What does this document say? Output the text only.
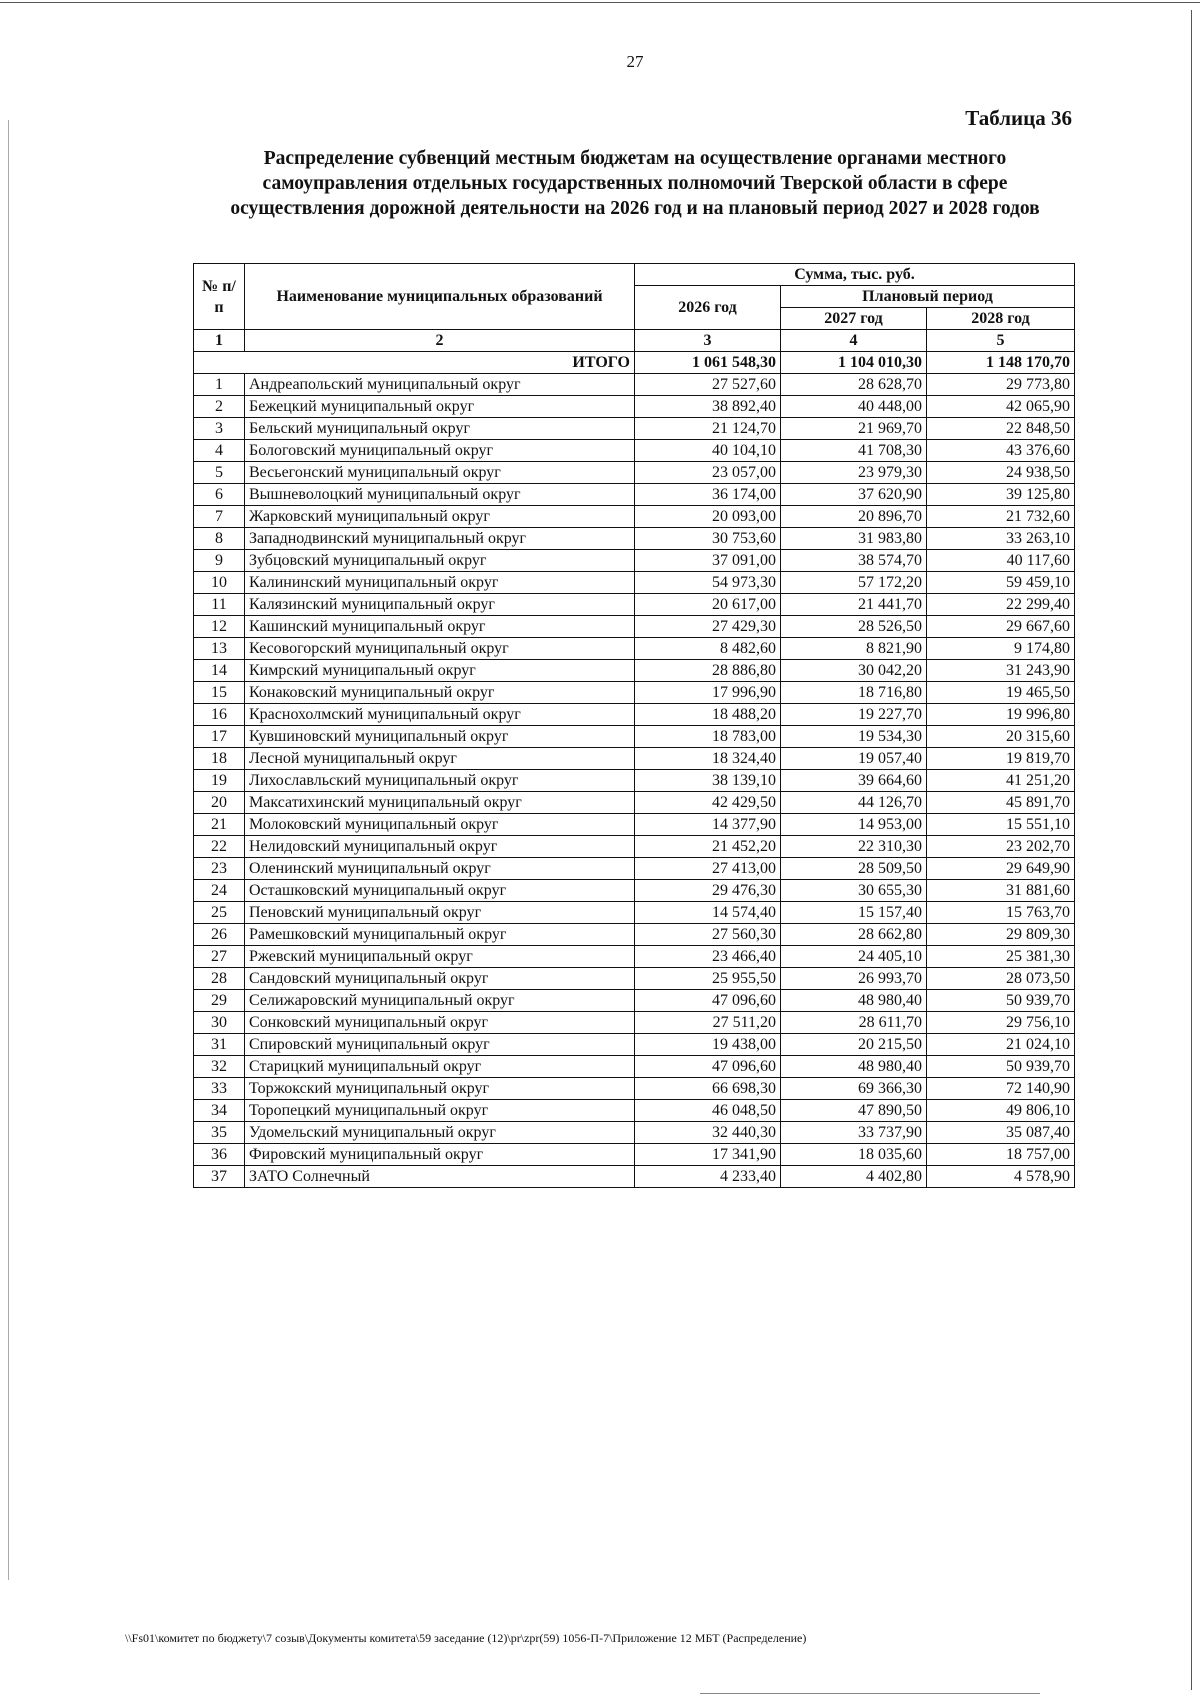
27
Таблица 36
Распределение субвенций местным бюджетам на осуществление органами местного самоуправления отдельных государственных полномочий Тверской области в сфере осуществления дорожной деятельности на 2026 год и на плановый период 2027 и 2028 годов
№ п/п	Наименование муниципальных образований	Сумма, тыс. руб.		
		2026 год	Плановый период	
			2027 год	2028 год
1	2	3	4	5
ИТОГО		1 061 548,30	1 104 010,30	1 148 170,70
1	Андреапольский муниципальный округ	27 527,60	28 628,70	29 773,80
2	Бежецкий муниципальный округ	38 892,40	40 448,00	42 065,90
3	Бельский муниципальный округ	21 124,70	21 969,70	22 848,50
4	Бологовский муниципальный округ	40 104,10	41 708,30	43 376,60
5	Весьегонский муниципальный округ	23 057,00	23 979,30	24 938,50
6	Вышневолоцкий муниципальный округ	36 174,00	37 620,90	39 125,80
7	Жарковский муниципальный округ	20 093,00	20 896,70	21 732,60
8	Западнодвинский муниципальный округ	30 753,60	31 983,80	33 263,10
9	Зубцовский муниципальный округ	37 091,00	38 574,70	40 117,60
10	Калининский муниципальный округ	54 973,30	57 172,20	59 459,10
11	Калязинский муниципальный округ	20 617,00	21 441,70	22 299,40
12	Кашинский муниципальный округ	27 429,30	28 526,50	29 667,60
13	Кесовогорский муниципальный округ	8 482,60	8 821,90	9 174,80
14	Кимрский муниципальный округ	28 886,80	30 042,20	31 243,90
15	Конаковский муниципальный округ	17 996,90	18 716,80	19 465,50
16	Краснохолмский муниципальный округ	18 488,20	19 227,70	19 996,80
17	Кувшиновский муниципальный округ	18 783,00	19 534,30	20 315,60
18	Лесной муниципальный округ	18 324,40	19 057,40	19 819,70
19	Лихославльский муниципальный округ	38 139,10	39 664,60	41 251,20
20	Максатихинский муниципальный округ	42 429,50	44 126,70	45 891,70
21	Молоковский муниципальный округ	14 377,90	14 953,00	15 551,10
22	Нелидовский муниципальный округ	21 452,20	22 310,30	23 202,70
23	Оленинский муниципальный округ	27 413,00	28 509,50	29 649,90
24	Осташковский муниципальный округ	29 476,30	30 655,30	31 881,60
25	Пеновский муниципальный округ	14 574,40	15 157,40	15 763,70
26	Рамешковский муниципальный округ	27 560,30	28 662,80	29 809,30
27	Ржевский муниципальный округ	23 466,40	24 405,10	25 381,30
28	Сандовский муниципальный округ	25 955,50	26 993,70	28 073,50
29	Селижаровский муниципальный округ	47 096,60	48 980,40	50 939,70
30	Сонковский муниципальный округ	27 511,20	28 611,70	29 756,10
31	Спировский муниципальный округ	19 438,00	20 215,50	21 024,10
32	Старицкий муниципальный округ	47 096,60	48 980,40	50 939,70
33	Торжокский муниципальный округ	66 698,30	69 366,30	72 140,90
34	Торопецкий муниципальный округ	46 048,50	47 890,50	49 806,10
35	Удомельский муниципальный округ	32 440,30	33 737,90	35 087,40
36	Фировский муниципальный округ	17 341,90	18 035,60	18 757,00
37	ЗАТО Солнечный	4 233,40	4 402,80	4 578,90
\\Fs01\комитет по бюджету\7 созыв\Документы комитета\59 заседание (12)\pr\zpr(59) 1056-П-7\Приложение 12 МБТ (Распределение)
